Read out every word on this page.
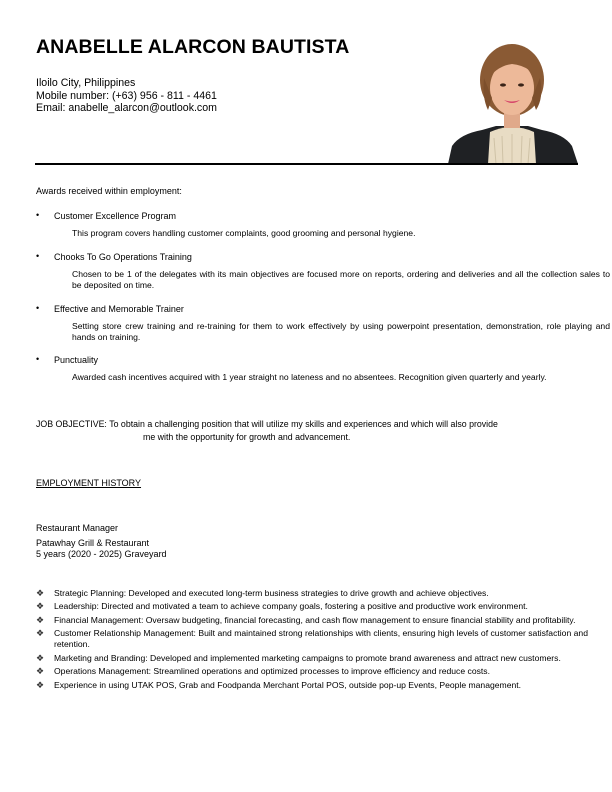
ANABELLE ALARCON BAUTISTA
Iloilo City, Philippines
Mobile number: (+63) 956 - 811 - 4461
Email: anabelle_alarcon@outlook.com
Awards received within employment:
• Customer Excellence Program
This program covers handling customer complaints, good grooming and personal hygiene.
• Chooks To Go Operations Training
Chosen to be 1 of the delegates with its main objectives are focused more on reports, ordering and deliveries and all the collection sales to be deposited on time.
• Effective and Memorable Trainer
Setting store crew training and re-training for them to work effectively by using powerpoint presentation, demonstration, role playing and hands on training.
• Punctuality
Awarded cash incentives acquired with 1 year straight no lateness and no absentees. Recognition given quarterly and yearly.
JOB OBJECTIVE: To obtain a challenging position that will utilize my skills and experiences and which will also provide
me with the opportunity for growth and advancement.
EMPLOYMENT HISTORY
Restaurant Manager
Patawhay Grill & Restaurant
5 years (2020 - 2025) Graveyard
❖ Strategic Planning: Developed and executed long-term business strategies to drive growth and achieve objectives.
❖ Leadership: Directed and motivated a team to achieve company goals, fostering a positive and productive work environment.
❖ Financial Management: Oversaw budgeting, financial forecasting, and cash flow management to ensure financial stability and profitability.
❖ Customer Relationship Management: Built and maintained strong relationships with clients, ensuring high levels of customer satisfaction and retention.
❖ Marketing and Branding: Developed and implemented marketing campaigns to promote brand awareness and attract new customers.
❖ Operations Management: Streamlined operations and optimized processes to improve efficiency and reduce costs.
❖ Experience in using UTAK POS, Grab and Foodpanda Merchant Portal POS, outside pop-up Events, People management.
